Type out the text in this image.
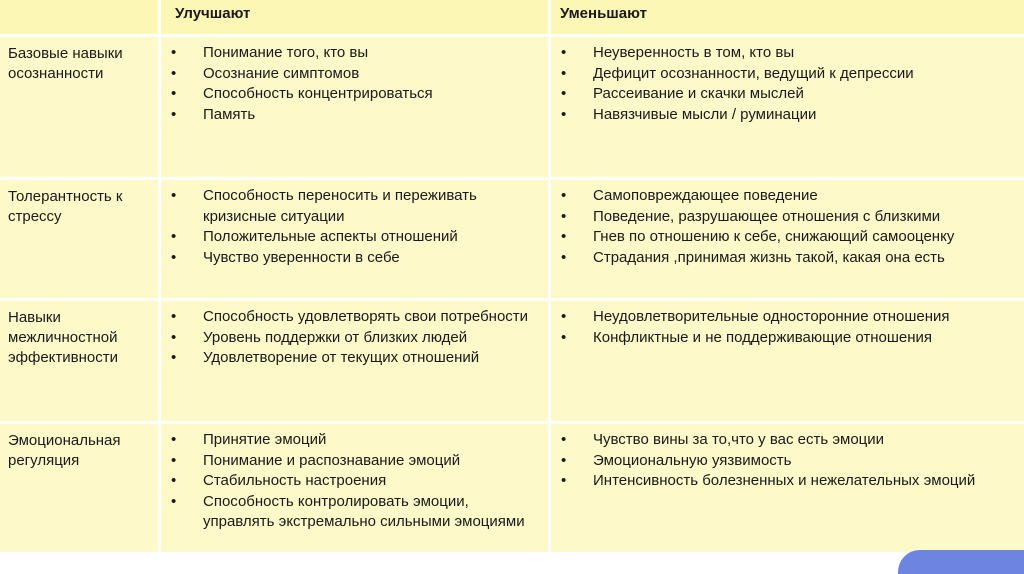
Улучшают	Уменьшают
Базовые навыки осознанности
• Понимание того, кто вы
• Осознание симптомов
• Способность концентрироваться
• Память
• Неуверенность в том, кто вы
• Дефицит осознанности, ведущий к депрессии
• Рассеивание и скачки мыслей
• Навязчивые мысли / руминации
Толерантность к стрессу
• Способность переносить и переживать кризисные ситуации
• Положительные аспекты отношений
• Чувство уверенности в себе
• Самоповреждающее поведение
• Поведение, разрушающее отношения с близкими
• Гнев по отношению к себе, снижающий самооценку
• Страдания ,принимая жизнь такой, какая она есть
Навыки межличностной эффективности
• Способность удовлетворять свои потребности
• Уровень поддержки от близких людей
• Удовлетворение от текущих отношений
• Неудовлетворительные односторонние отношения
• Конфликтные и не поддерживающие отношения
Эмоциональная регуляция
• Принятие эмоций
• Понимание и распознавание эмоций
• Стабильность настроения
• Способность контролировать эмоции, управлять экстремально сильными эмоциями
• Чувство вины за то,что у вас есть эмоции
• Эмоциональную уязвимость
• Интенсивность болезненных и нежелательных эмоций
